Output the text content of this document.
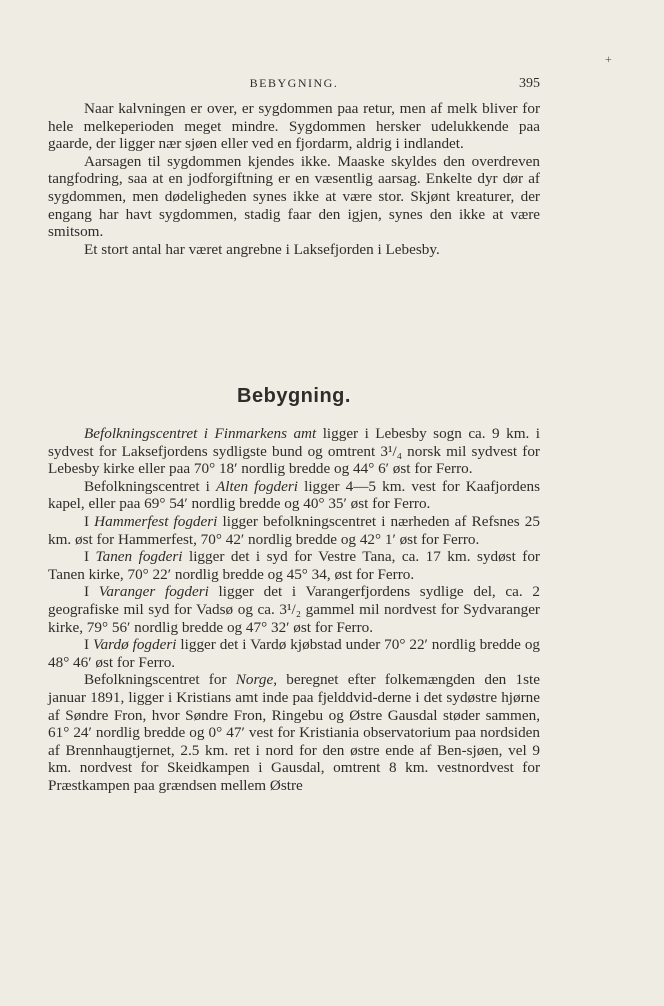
+
BEBYGNING.	395

Naar kalvningen er over, er sygdommen paa retur, men af melk bliver for hele melkeperioden meget mindre. Sygdommen hersker udelukkende paa gaarde, der ligger nær sjøen eller ved en fjordarm, aldrig i indlandet.

Aarsagen til sygdommen kjendes ikke. Maaske skyldes den overdreven tangfodring, saa at en jodforgiftning er en væsentlig aarsag. Enkelte dyr dør af sygdommen, men dødeligheden synes ikke at være stor. Skjønt kreaturer, der engang har havt sygdommen, stadig faar den igjen, synes den ikke at være smitsom.

Et stort antal har været angrebne i Laksefjorden i Lebesby.

Bebygning.

Befolkningscentret i Finmarkens amt ligger i Lebesby sogn ca. 9 km. i sydvest for Laksefjordens sydligste bund og omtrent 3¹/₄ norsk mil sydvest for Lebesby kirke eller paa 70° 18′ nordlig bredde og 44° 6′ øst for Ferro.

Befolkningscentret i Alten fogderi ligger 4—5 km. vest for Kaafjordens kapel, eller paa 69° 54′ nordlig bredde og 40° 35′ øst for Ferro.

I Hammerfest fogderi ligger befolkningscentret i nærheden af Refsnes 25 km. øst for Hammerfest, 70° 42′ nordlig bredde og 42° 1′ øst for Ferro.

I Tanen fogderi ligger det i syd for Vestre Tana, ca. 17 km. sydøst for Tanen kirke, 70° 22′ nordlig bredde og 45° 34, øst for Ferro.

I Varanger fogderi ligger det i Varangerfjordens sydlige del, ca. 2 geografiske mil syd for Vadsø og ca. 3¹/₂ gammel mil nordvest for Sydvaranger kirke, 79° 56′ nordlig bredde og 47° 32′ øst for Ferro.

I Vardø fogderi ligger det i Vardø kjøbstad under 70° 22′ nordlig bredde og 48° 46′ øst for Ferro.

Befolkningscentret for Norge, beregnet efter folkemængden den 1ste januar 1891, ligger i Kristians amt inde paa fjelddvid-derne i det sydøstre hjørne af Søndre Fron, hvor Søndre Fron, Ringebu og Østre Gausdal støder sammen, 61° 24′ nordlig bredde og 0° 47′ vest for Kristiania observatorium paa nordsiden af Brennhaugtjernet, 2.5 km. ret i nord for den østre ende af Ben-sjøen, vel 9 km. nordvest for Skeidkampen i Gausdal, omtrent 8 km. vestnordvest for Præstkampen paa grændsen mellem Østre
